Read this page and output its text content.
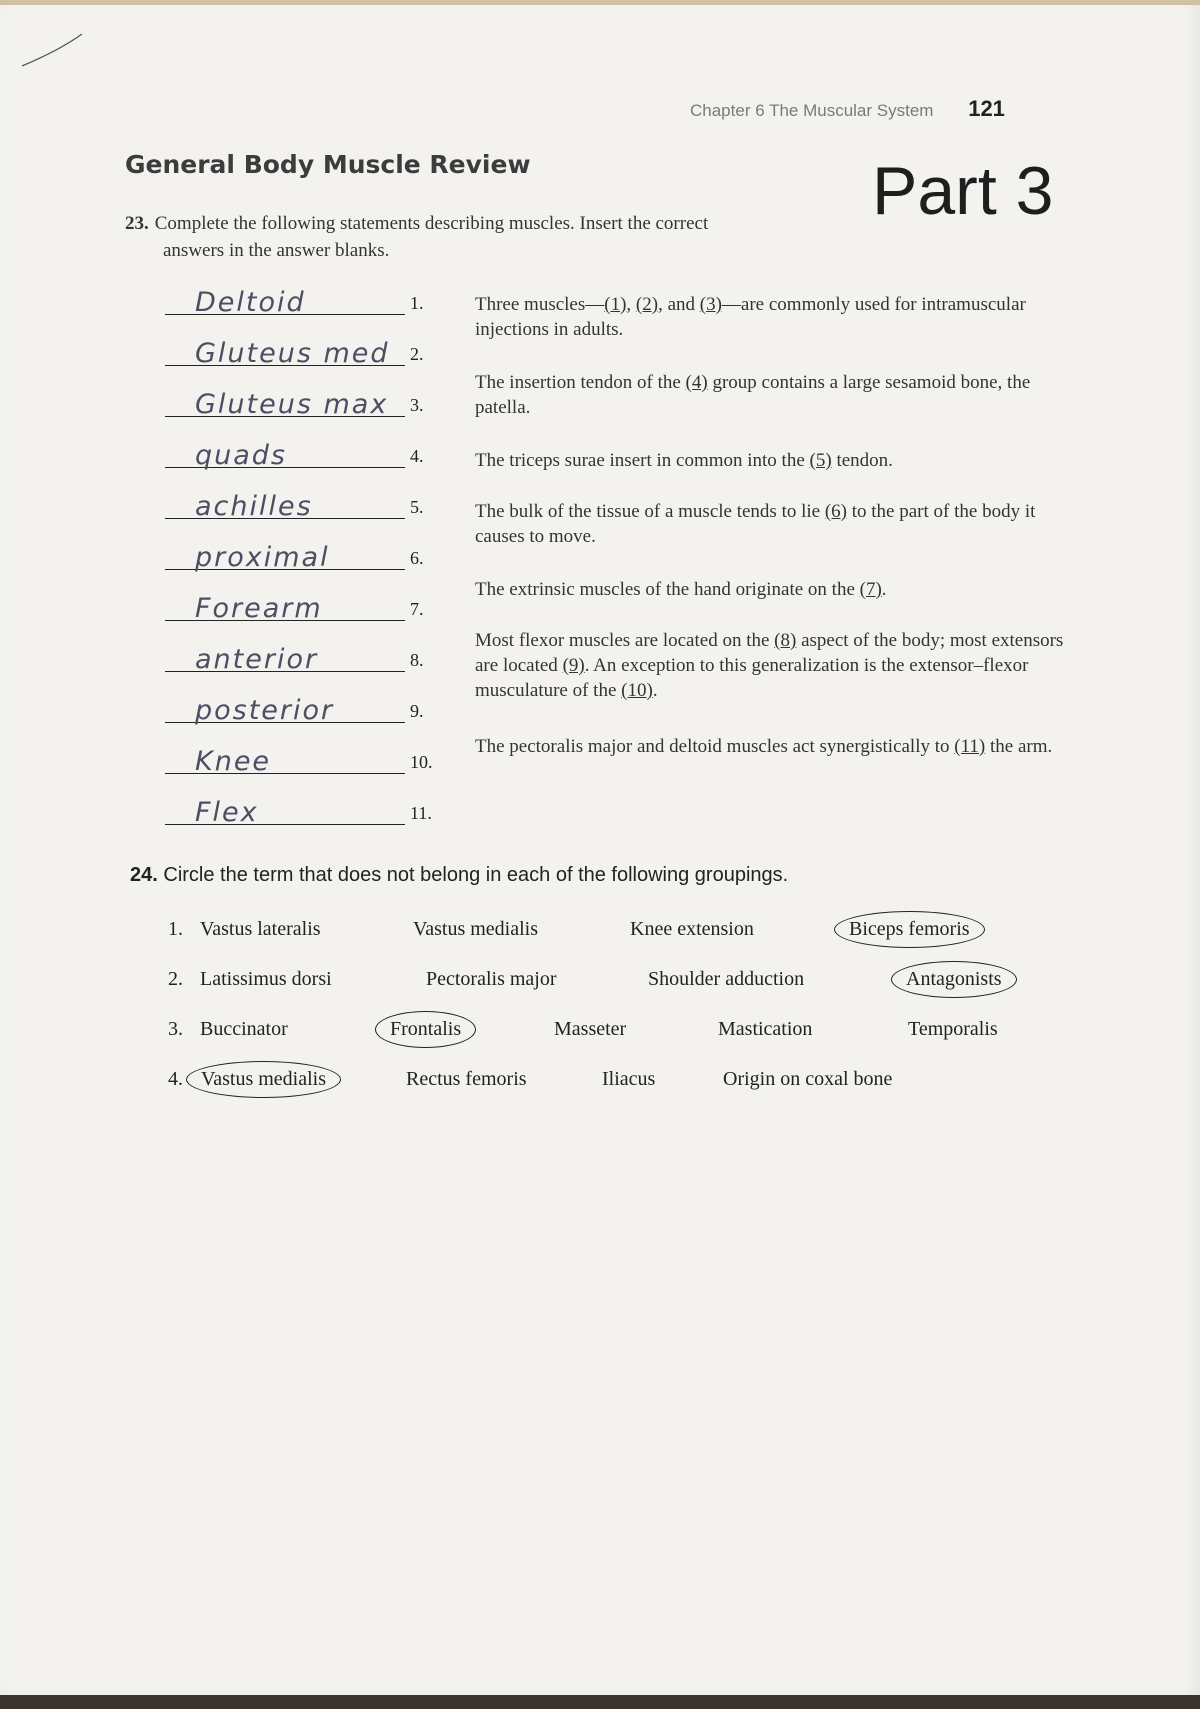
Chapter 6 The Muscular System 121
General Body Muscle Review	Part 3
23. Complete the following statements describing muscles. Insert the correct
answers in the answer blanks.
Deltoid	1.
Gluteus med 2.
Gluteus max 3.
quads	4.
achilles	5.
proximal	6.
Forearm	7.
anterior	8.
posterior	9.
Knee	10.
Flex	11.
Three muscles—(1), (2), and (3)—are commonly used for intramuscular injections in adults.
The insertion tendon of the (4) group contains a large sesamoid bone, the patella.
The triceps surae insert in common into the (5) tendon.
The bulk of the tissue of a muscle tends to lie (6) to the part of the body it causes to move.
The extrinsic muscles of the hand originate on the (7).
Most flexor muscles are located on the (8) aspect of the body; most extensors are located (9). An exception to this generalization is the extensor–flexor musculature of the (10).
The pectoralis major and deltoid muscles act synergistically to (11) the arm.
24. Circle the term that does not belong in each of the following groupings.
1. Vastus lateralis	Vastus medialis	Knee extension	Biceps femoris
2. Latissimus dorsi	Pectoralis major	Shoulder adduction	Antagonists
3. Buccinator	Frontalis	Masseter	Mastication	Temporalis
4. Vastus medialis	Rectus femoris	Iliacus	Origin on coxal bone
